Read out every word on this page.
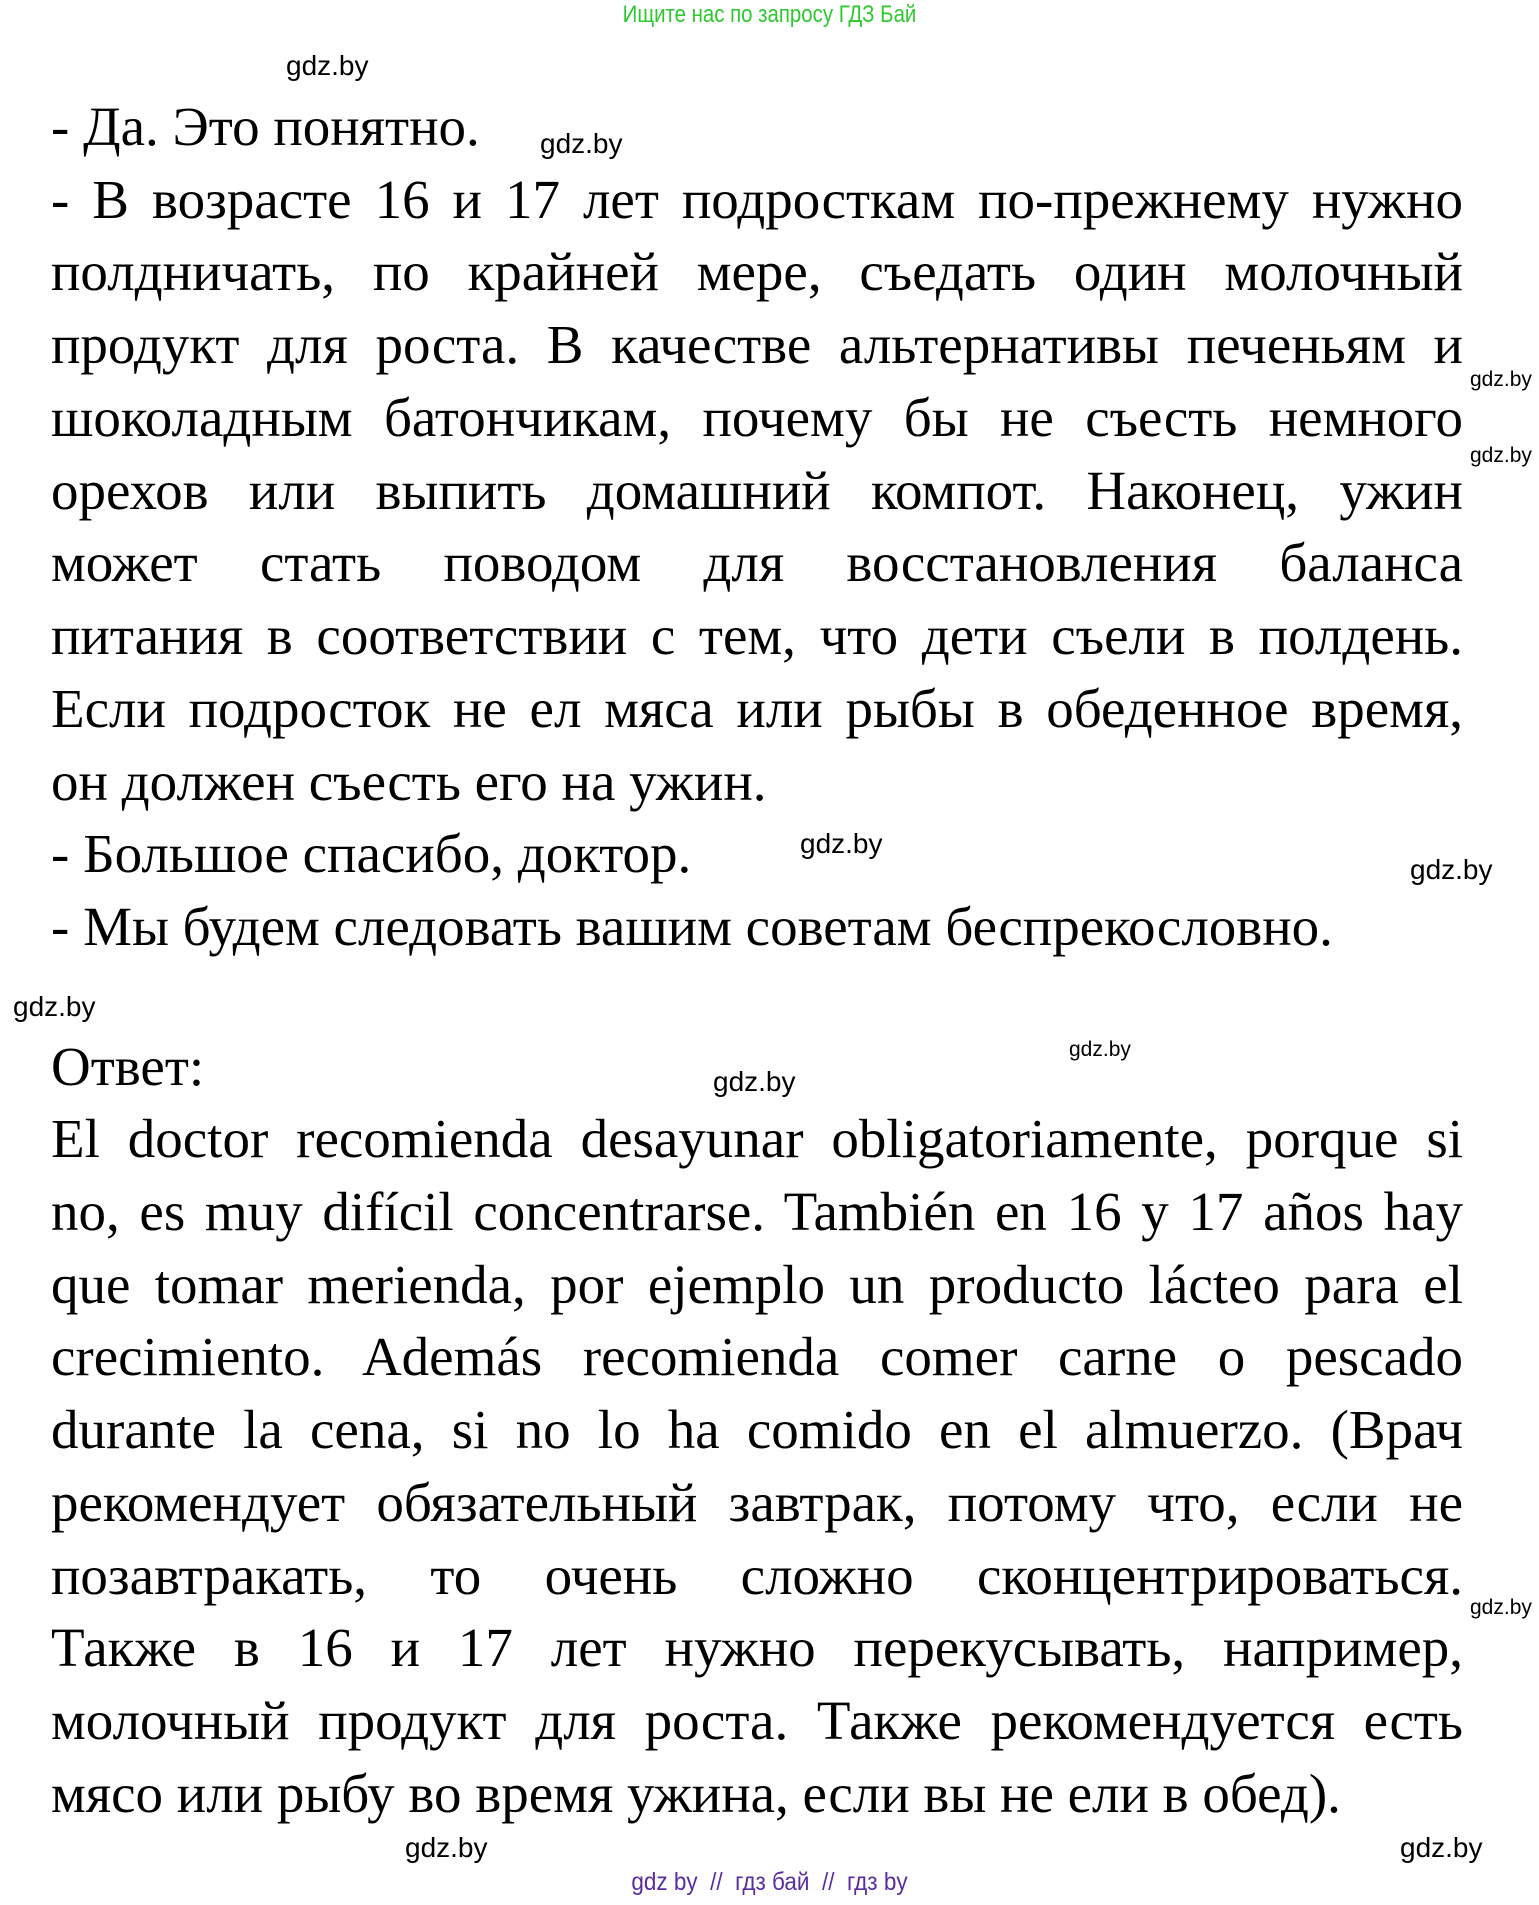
Ищите нас по запросу ГДЗ Бай
- Да. Это понятно.
- В возрасте 16 и 17 лет подросткам по-прежнему нужно
полдничать, по крайней мере, съедать один молочный
продукт для роста. В качестве альтернативы печеньям и
шоколадным батончикам, почему бы не съесть немного
орехов или выпить домашний компот. Наконец, ужин
может стать поводом для восстановления баланса
питания в соответствии с тем, что дети съели в полдень.
Если подросток не ел мяса или рыбы в обеденное время,
он должен съесть его на ужин.
- Большое спасибо, доктор.
- Мы будем следовать вашим советам беспрекословно.
Ответ:
El doctor recomienda desayunar obligatoriamente, porque si
no, es muy difícil concentrarse. También en 16 y 17 años hay
que tomar merienda, por ejemplo un producto lácteo para el
crecimiento. Además recomienda comer carne o pescado
durante la cena, si no lo ha comido en el almuerzo. (Врач
рекомендует обязательный завтрак, потому что, если не
позавтракать, то очень сложно сконцентрироваться.
Также в 16 и 17 лет нужно перекусывать, например,
молочный продукт для роста. Также рекомендуется есть
мясо или рыбу во время ужина, если вы не ели в обед).
gdz.by
gdz.by
gdz.by
gdz.by
gdz.by
gdz.by
gdz.by
gdz.by
gdz.by
gdz.by
gdz.by
gdz.by
gdz by  //  гдз бай  //  гдз by
